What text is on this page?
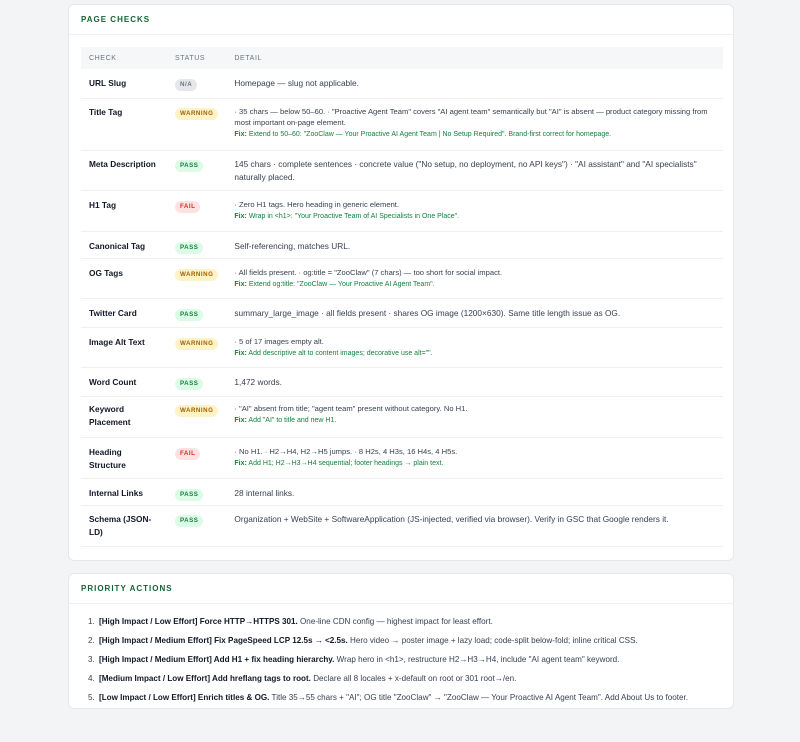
PAGE CHECKS
CHECK	STATUS	DETAIL
URL Slug	N/A	Homepage — slug not applicable.
Title Tag	WARNING	· 35 chars — below 50–60. · "Proactive Agent Team" covers "AI agent team" semantically but "AI" is absent — product category missing from most important on-page element.
Fix: Extend to 50–60: "ZooClaw — Your Proactive AI Agent Team | No Setup Required". Brand-first correct for homepage.

Meta Description	PASS	145 chars · complete sentences · concrete value ("No setup, no deployment, no API keys") · "AI assistant" and "AI specialists" naturally placed.
H1 Tag	FAIL	· Zero H1 tags. Hero heading in generic element.
Fix: Wrap in <h1>: "Your Proactive Team of AI Specialists in One Place".

Canonical Tag	PASS	Self-referencing, matches URL.
OG Tags	WARNING	· All fields present. · og:title = "ZooClaw" (7 chars) — too short for social impact.
Fix: Extend og:title: "ZooClaw — Your Proactive AI Agent Team".

Twitter Card	PASS	summary_large_image · all fields present · shares OG image (1200×630). Same title length issue as OG.
Image Alt Text	WARNING	· 5 of 17 images empty alt.
Fix: Add descriptive alt to content images; decorative use alt="".

Word Count	PASS	1,472 words.
Keyword Placement	WARNING	· "AI" absent from title; "agent team" present without category. No H1.
Fix: Add "AI" to title and new H1.

Heading Structure	FAIL	· No H1. · H2→H4, H2→H5 jumps. · 8 H2s, 4 H3s, 16 H4s, 4 H5s.
Fix: Add H1; H2→H3→H4 sequential; footer headings → plain text.

Internal Links	PASS	28 internal links.
Schema (JSON-LD)	PASS	Organization + WebSite + SoftwareApplication (JS-injected, verified via browser). Verify in GSC that Google renders it.
PRIORITY ACTIONS
1. [High Impact / Low Effort] Force HTTP→HTTPS 301. One-line CDN config — highest impact for least effort.
2. [High Impact / Medium Effort] Fix PageSpeed LCP 12.5s → <2.5s. Hero video → poster image + lazy load; code-split below-fold; inline critical CSS.
3. [High Impact / Medium Effort] Add H1 + fix heading hierarchy. Wrap hero in <h1>, restructure H2→H3→H4, include "AI agent team" keyword.
4. [Medium Impact / Low Effort] Add hreflang tags to root. Declare all 8 locales + x-default on root or 301 root→/en.
5. [Low Impact / Low Effort] Enrich titles & OG. Title 35→55 chars + "AI"; OG title "ZooClaw" → "ZooClaw — Your Proactive AI Agent Team". Add About Us to footer.
